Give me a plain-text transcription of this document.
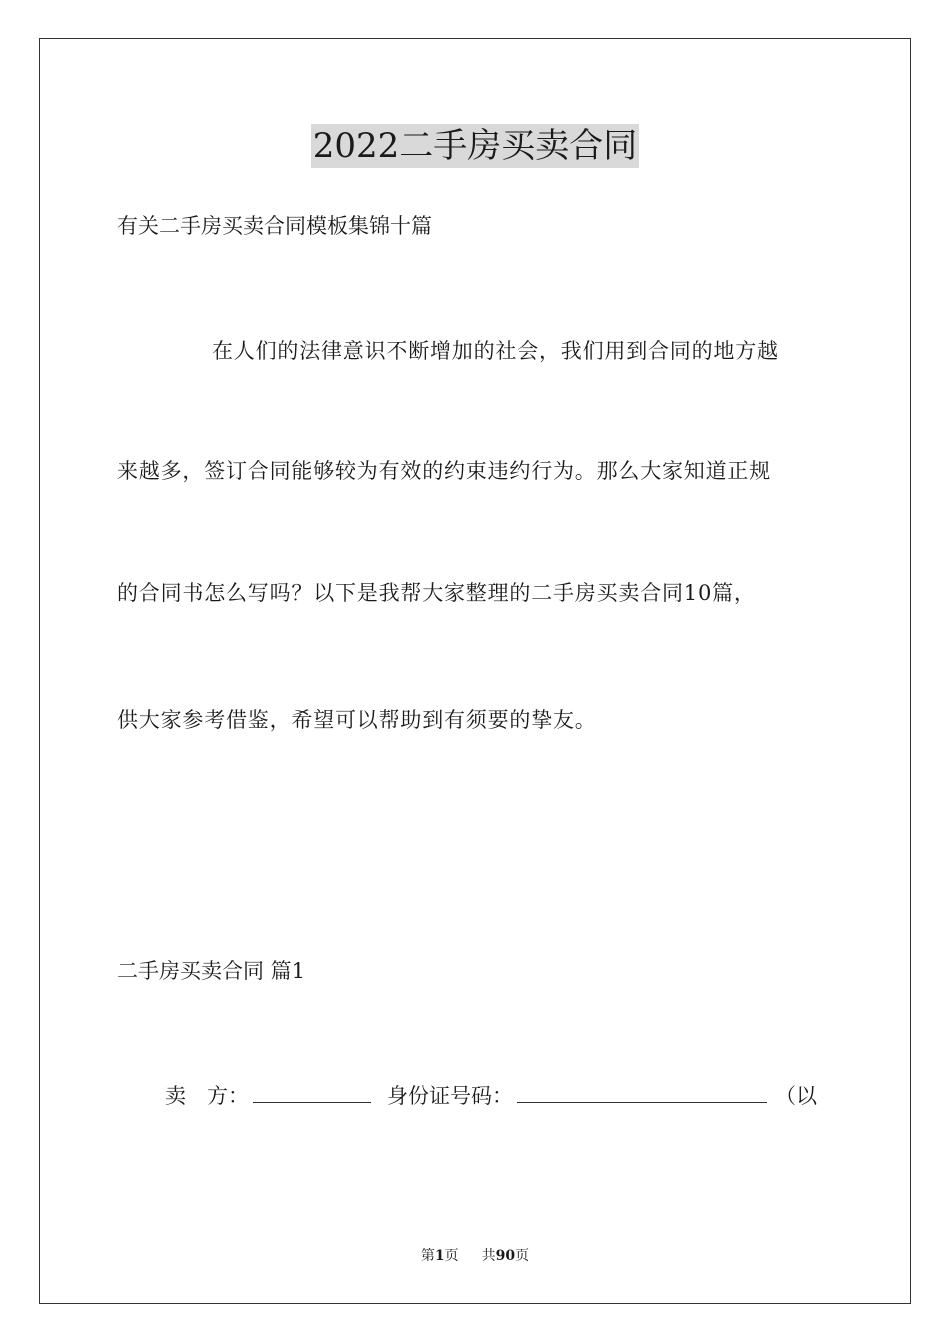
2022二手房买卖合同
有关二手房买卖合同模板集锦十篇
在人们的法律意识不断增加的社会，我们用到合同的地方越
来越多，签订合同能够较为有效的约束违约行为。那么大家知道正规
的合同书怎么写吗？以下是我帮大家整理的二手房买卖合同10篇，
供大家参考借鉴，希望可以帮助到有须要的挚友。
二手房买卖合同 篇1
卖　方：	身份证号码：	（以
第1页 共90页
